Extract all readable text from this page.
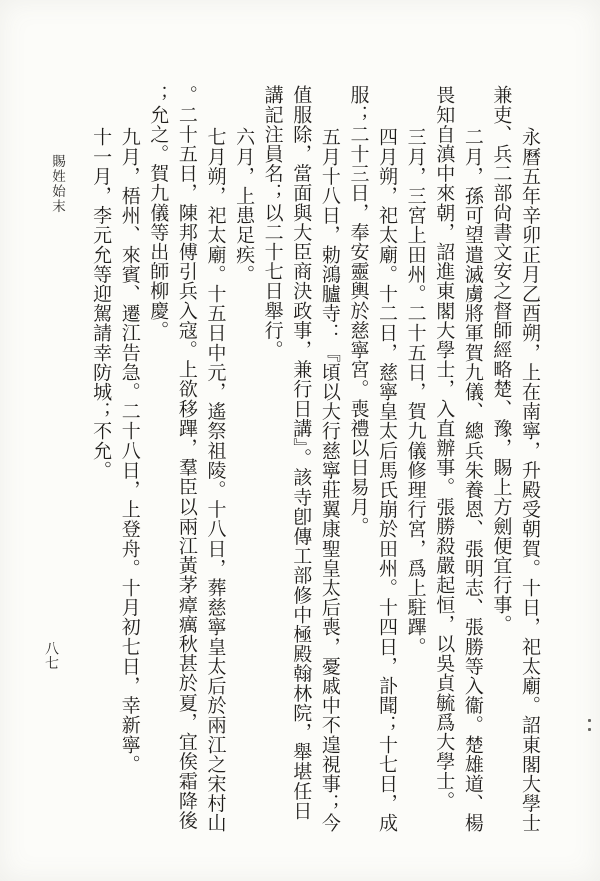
永曆五年辛卯正月乙酉朔，上在南寧，升殿受朝賀。十日，祀太廟。詔東閣大學士
兼吏、兵二部尙書文安之督師經略楚、豫，賜上方劍便宜行事。
二月，孫可望遣滅虜將軍賀九儀、總兵朱養恩、張明志、張勝等入衞。楚雄道、楊
畏知自滇中來朝，詔進東閣大學士，入直辦事。張勝殺嚴起恒，以吳貞毓爲大學士。
三月，三宮上田州。二十五日，賀九儀修理行宮，爲上駐蹕。
四月朔，祀太廟。十二日，慈寧皇太后馬氏崩於田州。十四日，訃聞；十七日，成
服；二十三日，奉安靈輿於慈寧宮。喪禮以日易月。
五月十八日，勅鴻臚寺：『頃以大行慈寧莊翼康聖皇太后喪，憂戚中不遑視事；今
值服除，當面與大臣商決政事，兼行日講』。該寺卽傳工部修中極殿翰林院，舉堪任日
講記注員名；以二十七日舉行。
六月，上患足疾。
七月朔，祀太廟。十五日中元，遙祭祖陵。十八日，葬慈寧皇太后於兩江之宋村山
。二十五日，陳邦傅引兵入寇。上欲移蹕，羣臣以兩江黃茅瘴癘秋甚於夏，宜俟霜降後
；允之。賀九儀等出師柳慶。
九月，梧州、來賓、遷江告急。二十八日，上登舟。十月初七日，幸新寧。
十一月，李元允等迎駕請幸防城；不允。
賜姓始末
八七
